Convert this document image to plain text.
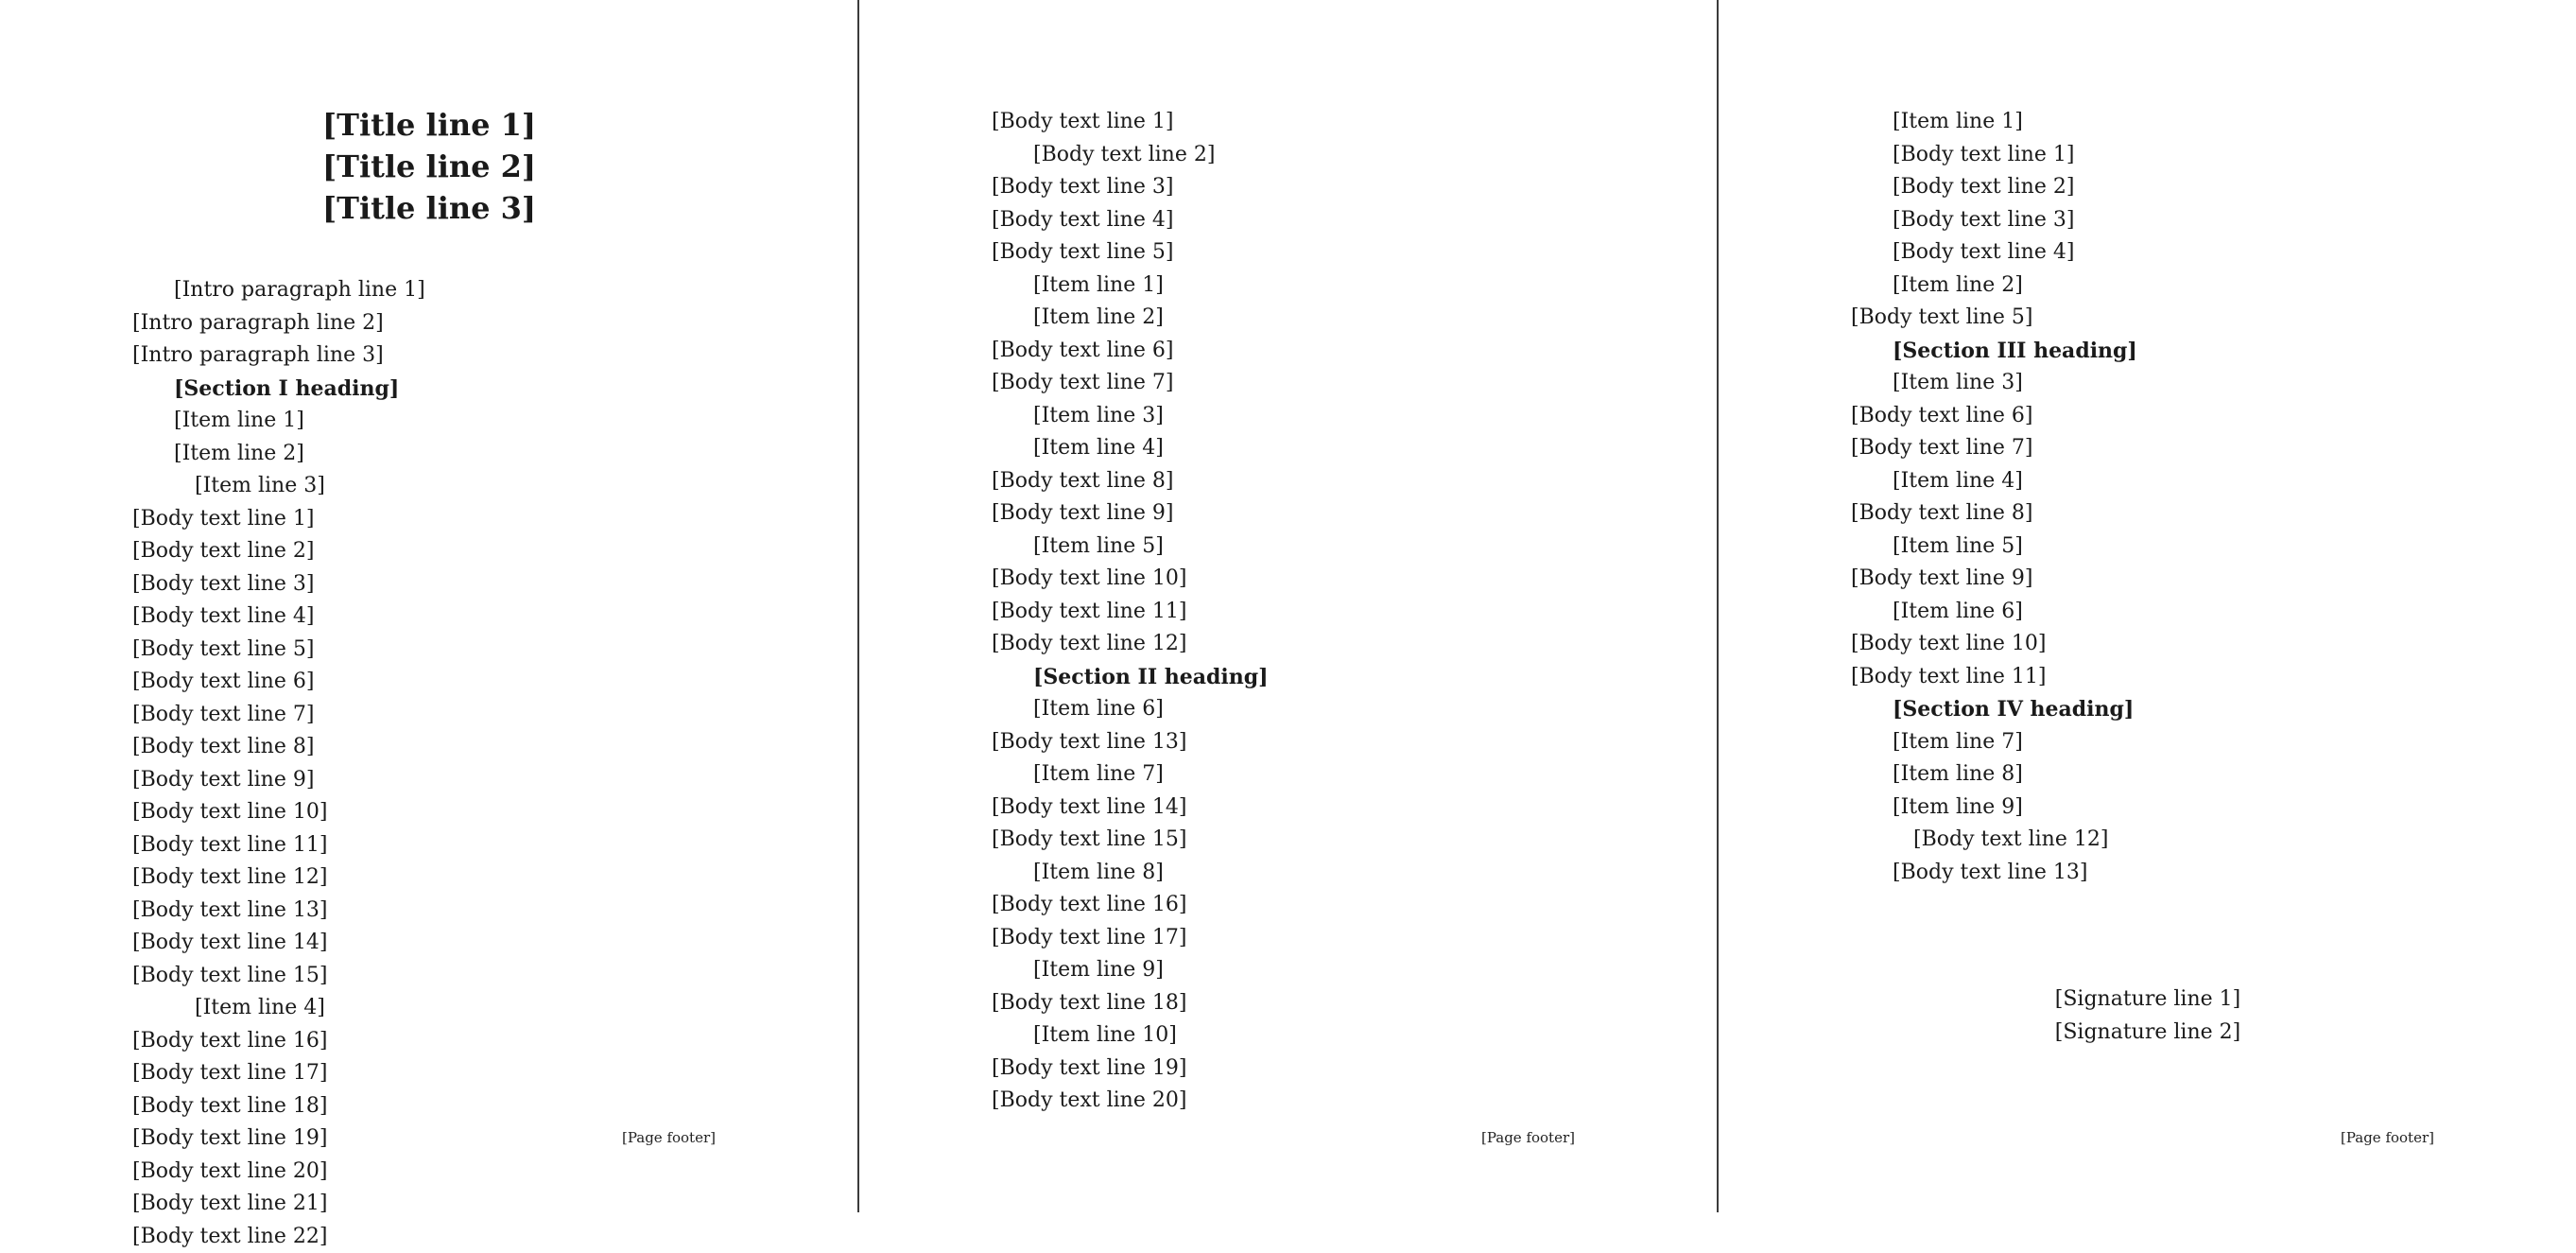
[Title line 1]
[Title line 2]
[Title line 3]
[Intro paragraph line 1]
[Intro paragraph line 2]
[Intro paragraph line 3]
[Section I heading]
[Item line 1]
[Item line 2]
[Item line 3]
[Body text line 1]
[Body text line 2]
[Body text line 3]
[Body text line 4]
[Body text line 5]
[Body text line 6]
[Body text line 7]
[Body text line 8]
[Body text line 9]
[Body text line 10]
[Body text line 11]
[Body text line 12]
[Body text line 13]
[Body text line 14]
[Body text line 15]
[Item line 4]
[Body text line 16]
[Body text line 17]
[Body text line 18]
[Body text line 19]
[Body text line 20]
[Body text line 21]
[Body text line 22]
[Page footer]
[Body text line 1]
[Body text line 2]
[Body text line 3]
[Body text line 4]
[Body text line 5]
[Item line 1]
[Item line 2]
[Body text line 6]
[Body text line 7]
[Item line 3]
[Item line 4]
[Body text line 8]
[Body text line 9]
[Item line 5]
[Body text line 10]
[Body text line 11]
[Body text line 12]
[Section II heading]
[Item line 6]
[Body text line 13]
[Item line 7]
[Body text line 14]
[Body text line 15]
[Item line 8]
[Body text line 16]
[Body text line 17]
[Item line 9]
[Body text line 18]
[Item line 10]
[Body text line 19]
[Body text line 20]
[Page footer]
[Item line 1]
[Body text line 1]
[Body text line 2]
[Body text line 3]
[Body text line 4]
[Item line 2]
[Body text line 5]
[Section III heading]
[Item line 3]
[Body text line 6]
[Body text line 7]
[Item line 4]
[Body text line 8]
[Item line 5]
[Body text line 9]
[Item line 6]
[Body text line 10]
[Body text line 11]
[Section IV heading]
[Item line 7]
[Item line 8]
[Item line 9]
[Body text line 12]
[Body text line 13]
[Signature line 1]
[Signature line 2]
[Page footer]
